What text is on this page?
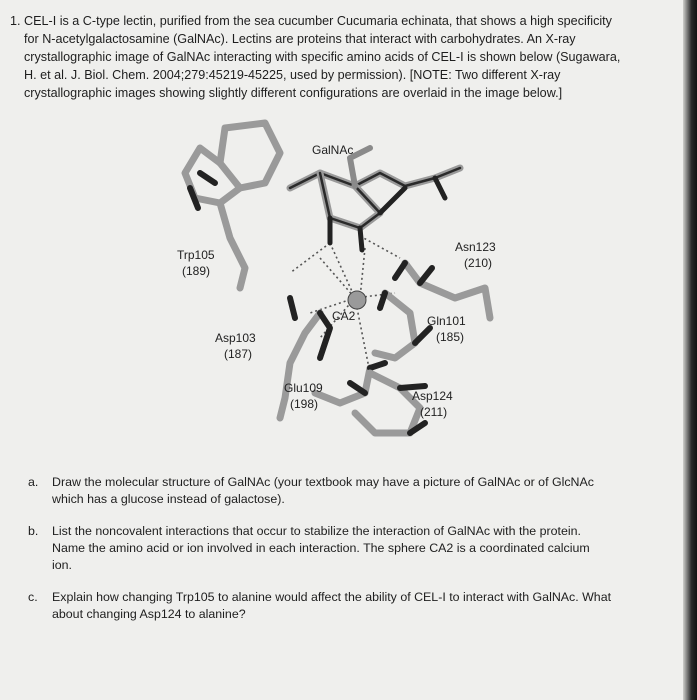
1. CEL-I is a C-type lectin, purified from the sea cucumber Cucumaria echinata, that shows a high specificity
for N-acetylgalactosamine (GalNAc). Lectins are proteins that interact with carbohydrates. An X-ray
crystallographic image of GalNAc interacting with specific amino acids of CEL-I is shown below (Sugawara,
H. et al. J. Biol. Chem. 2004;279:45219-45225, used by permission). [NOTE: Two different X-ray
crystallographic images showing slightly different configurations are overlaid in the image below.]
GalNAc
Trp105
(189)
Asn123
(210)
CA2	Gln101
(185)
Asp103
(187)
Glu109
(198)
Asp124
(211)
a. Draw the molecular structure of GalNAc (your textbook may have a picture of GalNAc or of GlcNAc
which has a glucose instead of galactose).
b. List the noncovalent interactions that occur to stabilize the interaction of GalNAc with the protein.
Name the amino acid or ion involved in each interaction. The sphere CA2 is a coordinated calcium
ion.
c. Explain how changing Trp105 to alanine would affect the ability of CEL-I to interact with GalNAc. What
about changing Asp124 to alanine?
